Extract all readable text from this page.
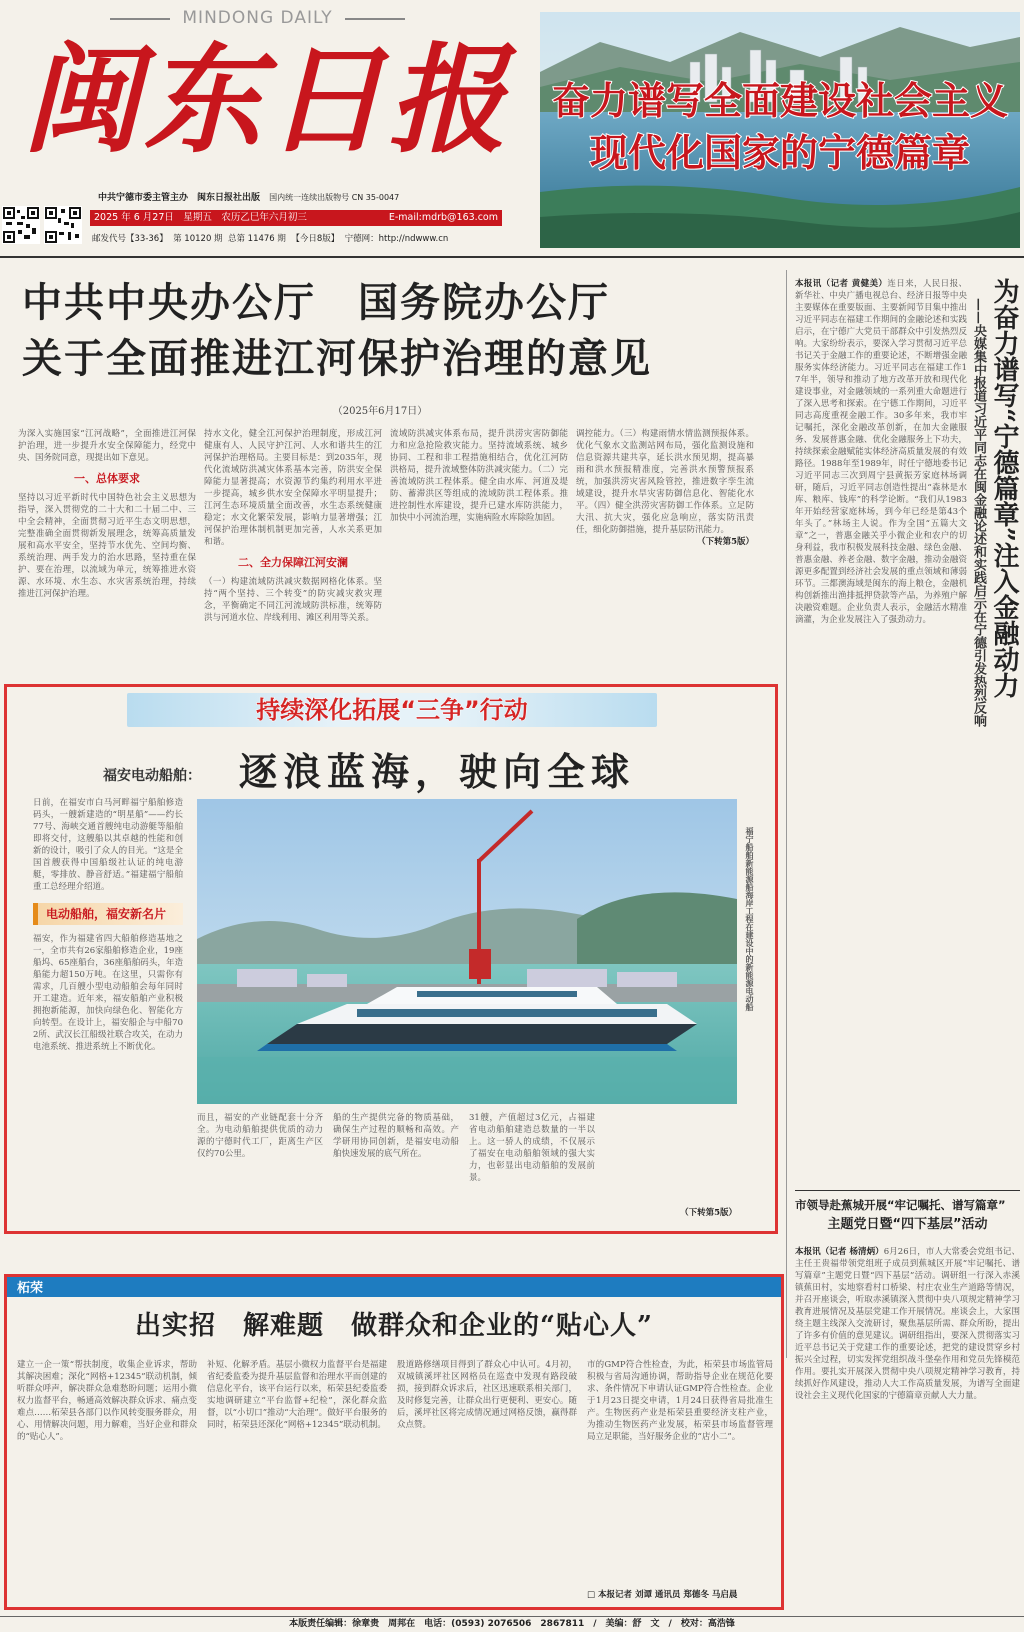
MINDONG DAILY
闽东日报
中共宁德市委主管主办　闽东日报社出版 国内统一连续出版物号 CN 35-0047
2025 年 6 月27日　星期五　农历乙巳年六月初三	E-mail:mdrb@163.com
邮发代号【33-36】 第 10120 期 总第 11476 期 【今日8版】 宁德网：http://ndwww.cn
奋力谱写全面建设社会主义
现代化国家的宁德篇章
中共中央办公厅　国务院办公厅
关于全面推进江河保护治理的意见
（2025年6月17日）

为深入实施国家“江河战略”，全面推进江河保护治理，进一步提升水安全保障能力，经党中央、国务院同意，现提出如下意见。

一、总体要求

坚持以习近平新时代中国特色社会主义思想为指导，深入贯彻党的二十大和二十届二中、三中全会精神，全面贯彻习近平生态文明思想，完整准确全面贯彻新发展理念，统筹高质量发展和高水平安全，坚持节水优先、空间均衡、系统治理、两手发力的治水思路，坚持重在保护、要在治理，以流域为单元，统筹推进水资源、水环境、水生态、水灾害系统治理，持续推进江河保护治理。

持水文化，健全江河保护治理制度，形成江河健康有人、人民守护江河、人水和谐共生的江河保护治理格局。主要目标是：到2035年，现代化流域防洪减灾体系基本完善，防洪安全保障能力显著提高；水资源节约集约利用水平进一步提高，城乡供水安全保障水平明显提升；江河生态环境质量全面改善，水生态系统健康稳定；水文化繁荣发展，影响力显著增强；江河保护治理体制机制更加完善，人水关系更加和谐。

二、全力保障江河安澜

（一）构建流域防洪减灾数据网格化体系。坚持“两个坚持、三个转变”的防灾减灾救灾理念，平衡确定不同江河流域防洪标准，统筹防洪与河道水位、岸线利用、滩区利用等关系。

流域防洪减灾体系布局，提升洪涝灾害防御能力和应急抢险救灾能力。坚持流域系统、城乡协同、工程和非工程措施相结合，优化江河防洪格局，提升流域整体防洪减灾能力。（二）完善流域防洪工程体系。健全由水库、河道及堤防、蓄滞洪区等组成的流域防洪工程体系。推进控制性水库建设，提升已建水库防洪能力，加快中小河流治理，实施病险水库除险加固。

调控能力。（三）构建雨情水情监测预报体系。优化气象水文监测站网布局，强化监测设施和信息资源共建共享，延长洪水预见期，提高暴雨和洪水预报精准度，完善洪水预警预报系统，加强洪涝灾害风险管控，推进数字孪生流域建设，提升水旱灾害防御信息化、智能化水平。（四）健全洪涝灾害防御工作体系。立足防大汛、抗大灾，强化应急响应，落实防汛责任，细化防御措施，提升基层防汛能力。

（下转第5版）

本报讯（记者 黄健美）连日来，人民日报、新华社、中央广播电视总台、经济日报等中央主要媒体在重要版面、主要新闻节目集中推出习近平同志在福建工作期间的金融论述和实践启示，在宁德广大党员干部群众中引发热烈反响。大家纷纷表示，要深入学习贯彻习近平总书记关于金融工作的重要论述，不断增强金融服务实体经济能力。习近平同志在福建工作17年半，领导和推动了地方改革开放和现代化建设事业，对金融领域的一系列重大命题进行了深入思考和探索。在宁德工作期间，习近平同志高度重视金融工作。30多年来，我市牢记嘱托，深化金融改革创新，在加大金融服务、发展普惠金融、优化金融服务上下功夫，持续探索金融赋能实体经济高质量发展的有效路径。1988年至1989年，时任宁德地委书记习近平同志三次到周宁县黄振芳家庭林场调研，随后，习近平同志创造性提出“森林是水库、粮库、钱库”的科学论断。“我们从1983年开始经营家庭林场，到今年已经是第43个年头了。”林场主人说。作为全国“五篇大文章”之一，普惠金融关乎小微企业和农户的切身利益，我市积极发展科技金融、绿色金融、普惠金融、养老金融、数字金融，推动金融资源更多配置到经济社会发展的重点领域和薄弱环节。三都澳海域是闽东的海上粮仓，金融机构创新推出渔排抵押贷款等产品，为养殖户解决融资难题。企业负责人表示，金融活水精准滴灌，为企业发展注入了强劲动力。	——央媒集中报道习近平同志在闽金融论述和实践启示在宁德引发热烈反响 为奋力谱写“宁德篇章”注入金融动力
持续深化拓展“三争”行动
福安电动船舶：	逐浪蓝海，驶向全球

日前，在福安市白马河畔福宁船舶修造码头，一艘新建造的“明星船”——约长77号、海峡交通首艘纯电动游艇等船舶即将交付，这艘船以其卓越的性能和创新的设计，吸引了众人的目光。“这是全国首艘获得中国船级社认证的纯电游艇，零排放、静音舒适。”福建福宁船舶重工总经理介绍道。

电动船舶，福安新名片

福安，作为福建省四大船舶修造基地之一，全市共有26家船舶修造企业，19座船坞、65座船台，36座船舶码头，年造船能力超150万吨。在这里，只需你有需求，几百艘小型电动船舶会每年同时开工建造。近年来，福安船舶产业积极拥抱新能源，加快向绿色化、智能化方向转型。在设计上，福安船企与中船702所、武汉长江船级社联合攻关，在动力电池系统、推进系统上不断优化。

福宁船舶新能源船海岸工程在建设中的新能源电动船

而且，福安的产业链配套十分齐全。为电动船舶提供优质的动力源的宁德时代工厂，距离生产区仅约70公里。

船的生产提供完备的物质基础，确保生产过程的顺畅和高效。产学研用协同创新，是福安电动船舶快速发展的底气所在。

31艘，产值超过3亿元，占福建省电动船舶建造总数量的一半以上。这一骄人的成绩，不仅展示了福安在电动船舶领域的强大实力，也彰显出电动船舶的发展前景。

（下转第5版）
市领导赴蕉城开展“牢记嘱托、谱写篇章”
主题党日暨“四下基层”活动

本报讯（记者 杨清炳）6月26日，市人大常委会党组书记、主任王贵福带领党组班子成员到蕉城区开展“牢记嘱托、谱写篇章”主题党日暨“四下基层”活动。调研组一行深入赤溪镇蕉田村，实地察看村口桥梁、村庄农业生产道路等情况，并召开座谈会，听取赤溪镇深入贯彻中央八项规定精神学习教育进展情况及基层党建工作开展情况。座谈会上，大家围绕主题主线深入交流研讨，聚焦基层所需、群众所盼，提出了许多有价值的意见建议。调研组指出，要深入贯彻落实习近平总书记关于党建工作的重要论述，把党的建设贯穿乡村振兴全过程，切实发挥党组织战斗堡垒作用和党员先锋模范作用。要扎实开展深入贯彻中央八项规定精神学习教育，持续抓好作风建设，推动人大工作高质量发展，为谱写全面建设社会主义现代化国家的宁德篇章贡献人大力量。

柘荣
出实招　解难题　做群众和企业的“贴心人”

建立一企一策“帮扶制度，收集企业诉求，帮助其解决困难；深化“网格+12345”联动机制，倾听群众呼声，解决群众急难愁盼问题；运用小微权力监督平台，畅通高效解决群众诉求、痛点变难点……柘荣县各部门以作风转变服务群众，用心、用情解决问题，用力解难，当好企业和群众的“贴心人”。

补短、化解矛盾。基层小微权力监督平台是福建省纪委监委为提升基层监督和治理水平而创建的信息化平台，该平台运行以来，柘荣县纪委监委实地调研建立“平台监督+纪检”，深化群众监督，以“小切口”推动“大治理”。做好平台服务的同时，柘荣县还深化“网格+12345”联动机制。

股道路修缮项目得到了群众心中认可。4月初，双城镇溪坪社区网格员在巡查中发现有路段破损，接到群众诉求后，社区迅速联系相关部门，及时修复完善，让群众出行更便利、更安心。随后，溪坪社区将完成情况通过网格反馈，赢得群众点赞。

市的GMP符合性检查，为此，柘荣县市场监管局积极与省局沟通协调，帮助指导企业在规范化要求、条件情况下申请认证GMP符合性检查。企业于1月23日提交申请，1月24日获得省局批准生产。生物医药产业是柘荣县重要经济支柱产业，为推动生物医药产业发展，柘荣县市场监督管理局立足职能，当好服务企业的“店小二”。

□ 本报记者 刘谭 通讯员 郑德冬 马启晨
本版责任编辑：徐章贵　周邦在　电话：(0593) 2076506　2867811　/　美编：舒　文　/　校对：高浩锋
